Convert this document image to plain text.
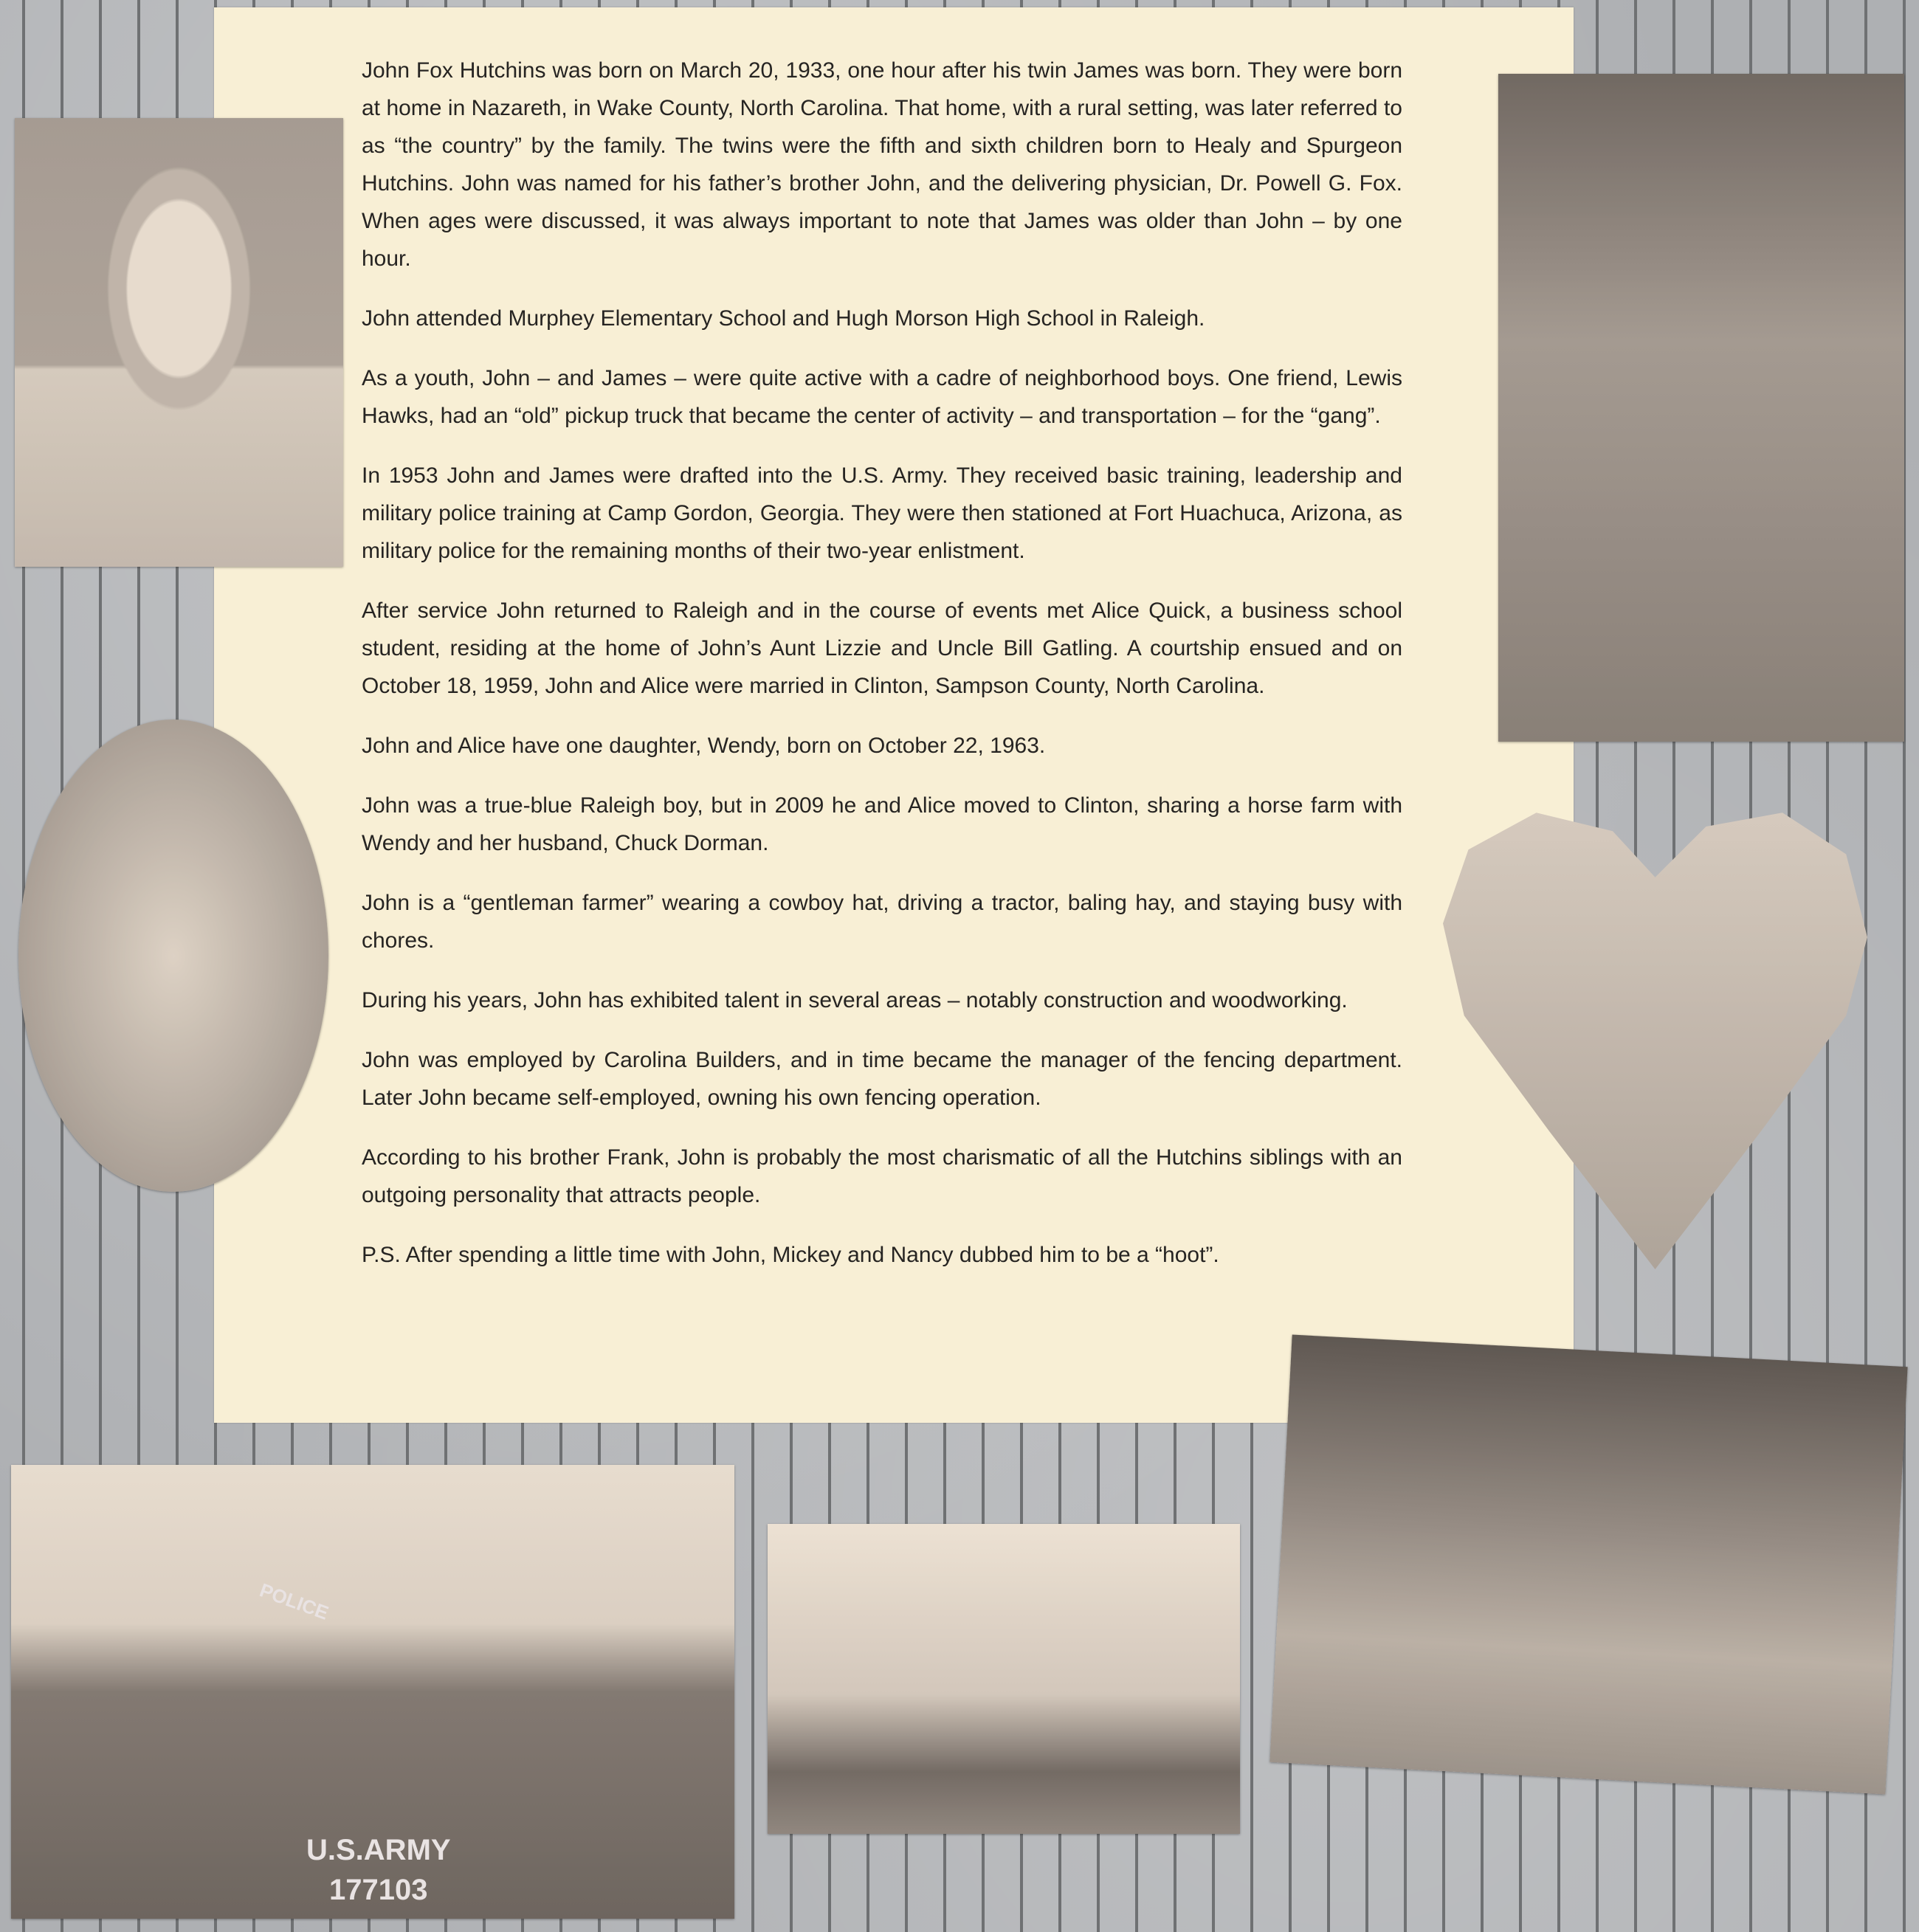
John Fox Hutchins was born on March 20, 1933, one hour after his twin James was born. They were born at home in Nazareth, in Wake County, North Carolina. That home, with a rural setting, was later referred to as “the country” by the family. The twins were the fifth and sixth children born to Healy and Spurgeon Hutchins. John was named for his father’s brother John, and the delivering physician, Dr. Powell G. Fox. When ages were discussed, it was always important to note that James was older than John – by one hour.

John attended Murphey Elementary School and Hugh Morson High School in Raleigh.

As a youth, John – and James – were quite active with a cadre of neighborhood boys. One friend, Lewis Hawks, had an “old” pickup truck that became the center of activity – and transportation – for the “gang”.

In 1953 John and James were drafted into the U.S. Army. They received basic training, leadership and military police training at Camp Gordon, Georgia. They were then stationed at Fort Huachuca, Arizona, as military police for the remaining months of their two-year enlistment.

After service John returned to Raleigh and in the course of events met Alice Quick, a business school student, residing at the home of John’s Aunt Lizzie and Uncle Bill Gatling. A courtship ensued and on October 18, 1959, John and Alice were married in Clinton, Sampson County, North Carolina.

John and Alice have one daughter, Wendy, born on October 22, 1963.

John was a true-blue Raleigh boy, but in 2009 he and Alice moved to Clinton, sharing a horse farm with Wendy and her husband, Chuck Dorman.

John is a “gentleman farmer” wearing a cowboy hat, driving a tractor, baling hay, and staying busy with chores.

During his years, John has exhibited talent in several areas – notably construction and woodworking.

John was employed by Carolina Builders, and in time became the manager of the fencing department. Later John became self-employed, owning his own fencing operation.

According to his brother Frank, John is probably the most charismatic of all the Hutchins siblings with an outgoing personality that attracts people.

P.S. After spending a little time with John, Mickey and Nancy dubbed him to be a “hoot”.

POLICE
U.S.ARMY
177103
